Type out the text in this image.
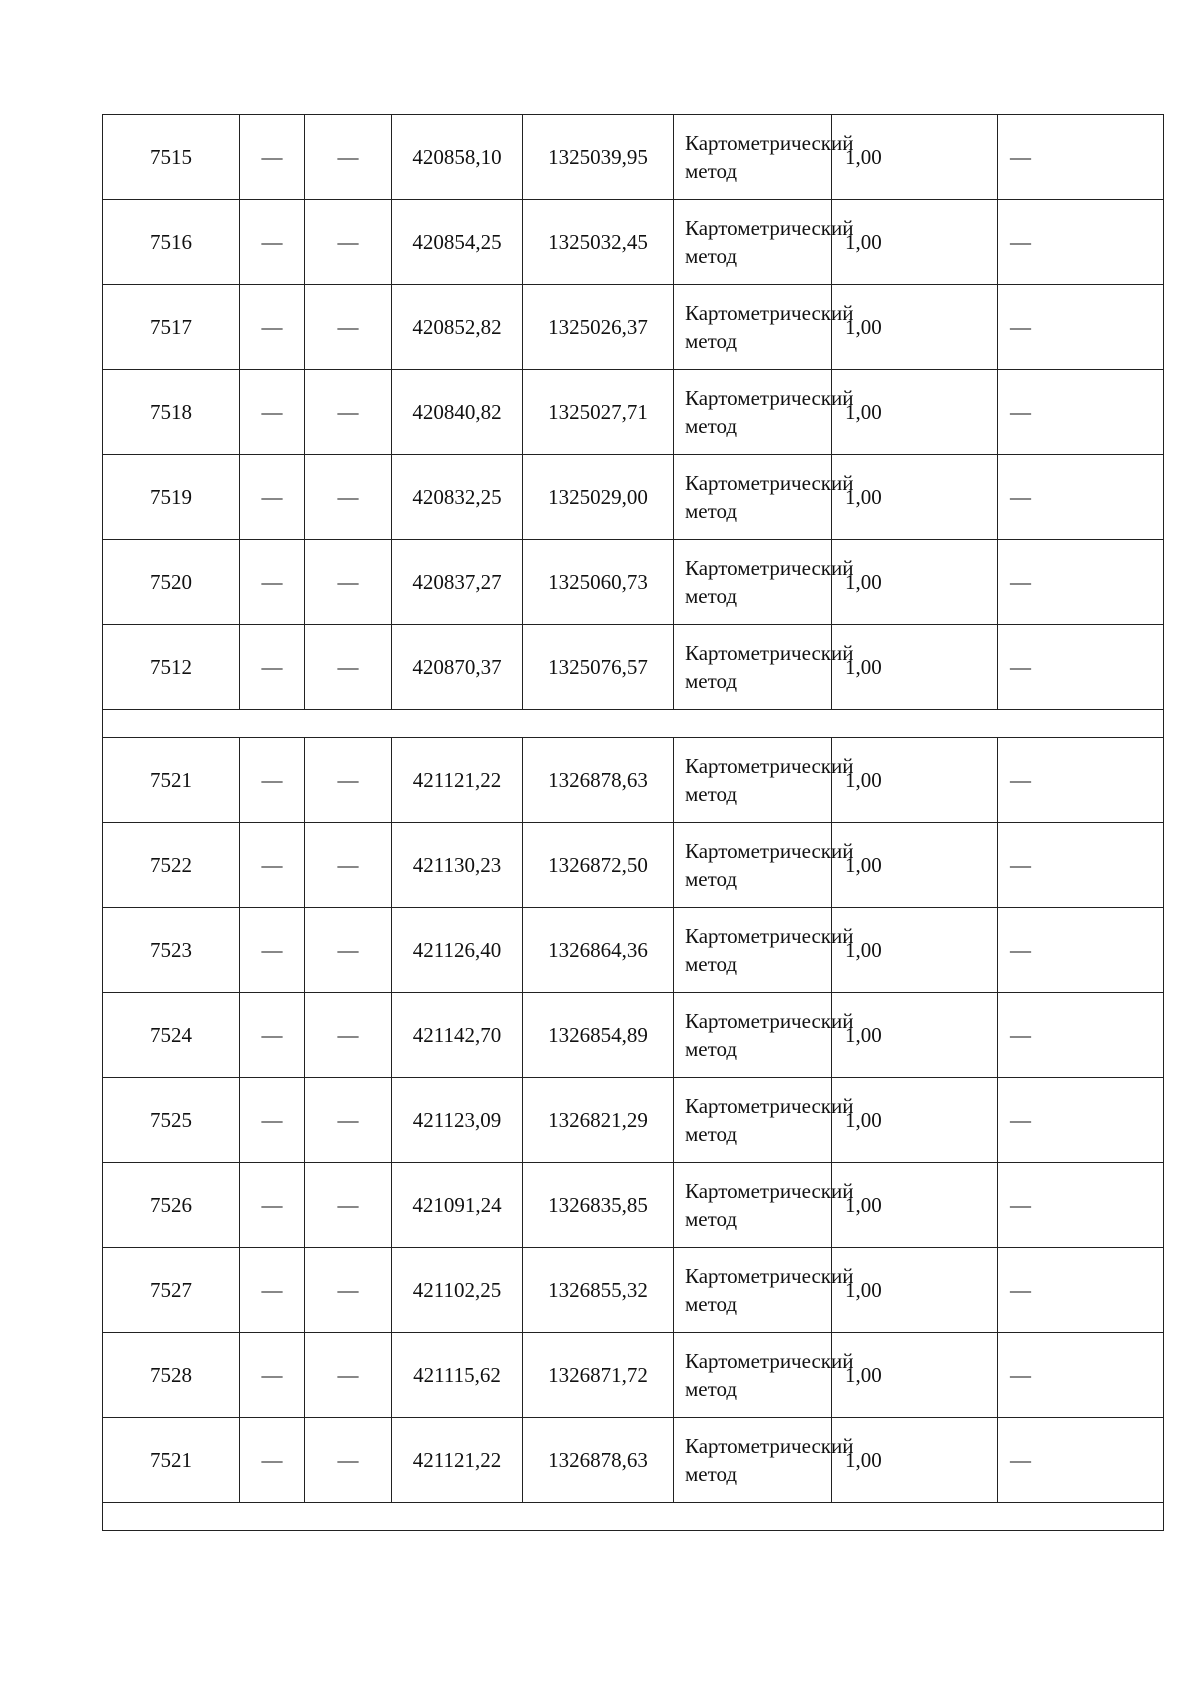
7515	—	—	420858,10	1325039,95	Картометрический метод	1,00	—
7516	—	—	420854,25	1325032,45	Картометрический метод	1,00	—
7517	—	—	420852,82	1325026,37	Картометрический метод	1,00	—
7518	—	—	420840,82	1325027,71	Картометрический метод	1,00	—
7519	—	—	420832,25	1325029,00	Картометрический метод	1,00	—
7520	—	—	420837,27	1325060,73	Картометрический метод	1,00	—
7512	—	—	420870,37	1325076,57	Картометрический метод	1,00	—

7521	—	—	421121,22	1326878,63	Картометрический метод	1,00	—
7522	—	—	421130,23	1326872,50	Картометрический метод	1,00	—
7523	—	—	421126,40	1326864,36	Картометрический метод	1,00	—
7524	—	—	421142,70	1326854,89	Картометрический метод	1,00	—
7525	—	—	421123,09	1326821,29	Картометрический метод	1,00	—
7526	—	—	421091,24	1326835,85	Картометрический метод	1,00	—
7527	—	—	421102,25	1326855,32	Картометрический метод	1,00	—
7528	—	—	421115,62	1326871,72	Картометрический метод	1,00	—
7521	—	—	421121,22	1326878,63	Картометрический метод	1,00	—
